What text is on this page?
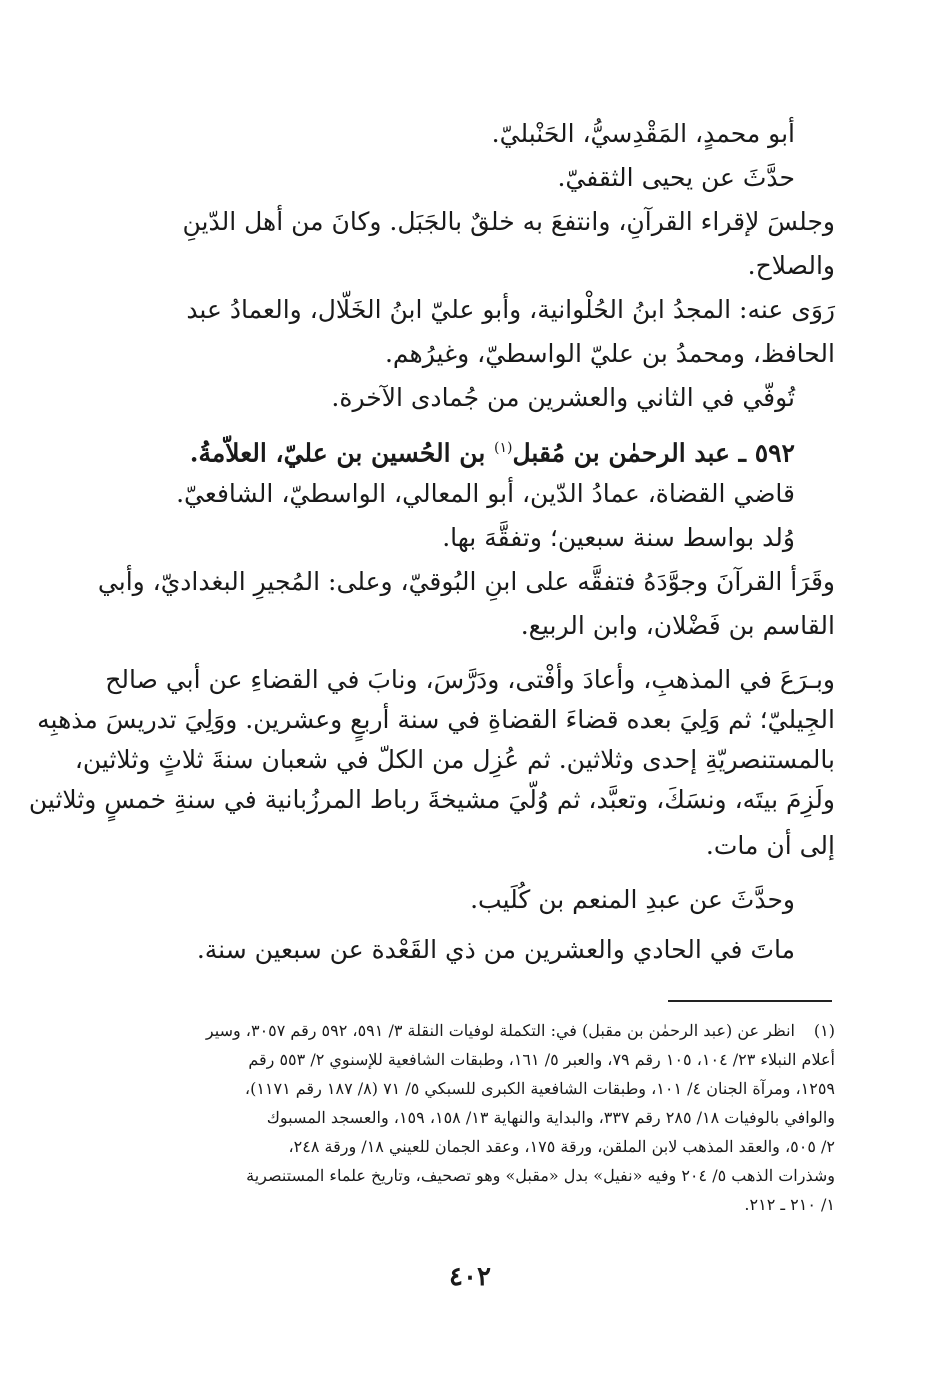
أبو محمدٍ، المَقْدِسيُّ، الحَنْبليّ.
حدَّثَ عن يحيى الثقفيّ.
وجلسَ لإقراء القرآنِ، وانتفعَ به خلقٌ بالجَبَل. وكانَ من أهل الدّينِ
والصلاح.
رَوَى عنه: المجدُ ابنُ الحُلْوانية، وأبو عليّ ابنُ الخَلّال، والعمادُ عبد
الحافظ، ومحمدُ بن عليّ الواسطيّ، وغيرُهم.
تُوفّي في الثاني والعشرين من جُمادى الآخرة.
٥٩٢ ـ عبد الرحمٰن بن مُقبل$^{(١)}$ بن الحُسين بن عليّ، العلاّمةُ.
قاضي القضاة، عمادُ الدّين، أبو المعالي، الواسطيّ، الشافعيّ.
وُلد بواسط سنة سبعين؛ وتفقَّهَ بها.
وقَرَأ القرآنَ وجوَّدَهُ فتفقَّه على ابنِ البُوقيّ، وعلى: المُجيرِ البغداديّ، وأبي
القاسم بن فَضْلان، وابن الربيع.
وبـرَعَ في المذهبِ، وأعادَ وأفْتى، ودَرَّسَ، ونابَ في القضاءِ عن أبي صالح
الجِيليّ؛ ثم وَلِيَ بعده قضاءَ القضاةِ في سنة أربعٍ وعشرين. ووَلِيَ تدريسَ مذهبِه
بالمستنصريّةِ إحدى وثلاثين. ثم عُزِل من الكلّ في شعبان سنةَ ثلاثٍ وثلاثين،
ولَزِمَ بيتَه، ونسَكَ، وتعبَّد، ثم وُلّيَ مشيخةَ رباط المرزُبانية في سنةِ خمسٍ وثلاثين
إلى أن مات.
وحدَّثَ عن عبدِ المنعم بن كُلَيب.
ماتَ في الحادي والعشرين من ذي القَعْدة عن سبعين سنة.
(١)
انظر عن (عبد الرحمٰن بن مقبل) في: التكملة لوفيات النقلة ٣/ ٥٩١، ٥٩٢ رقم ٣٠٥٧، وسير
أعلام النبلاء ٢٣/ ١٠٤، ١٠٥ رقم ٧٩، والعبر ٥/ ١٦١، وطبقات الشافعية للإسنوي ٢/ ٥٥٣ رقم
١٢٥٩، ومرآة الجنان ٤/ ١٠١، وطبقات الشافعية الكبرى للسبكي ٥/ ٧١ (٨/ ١٨٧ رقم ١١٧١)،
والوافي بالوفيات ١٨/ ٢٨٥ رقم ٣٣٧، والبداية والنهاية ١٣/ ١٥٨، ١٥٩، والعسجد المسبوك
٢/ ٥٠٥، والعقد المذهب لابن الملقن، ورقة ١٧٥، وعقد الجمان للعيني ١٨/ ورقة ٢٤٨،
وشذرات الذهب ٥/ ٢٠٤ وفيه «نفيل» بدل «مقبل» وهو تصحيف، وتاريخ علماء المستنصرية
١/ ٢١٠ ـ ٢١٢.
٤٠٢
